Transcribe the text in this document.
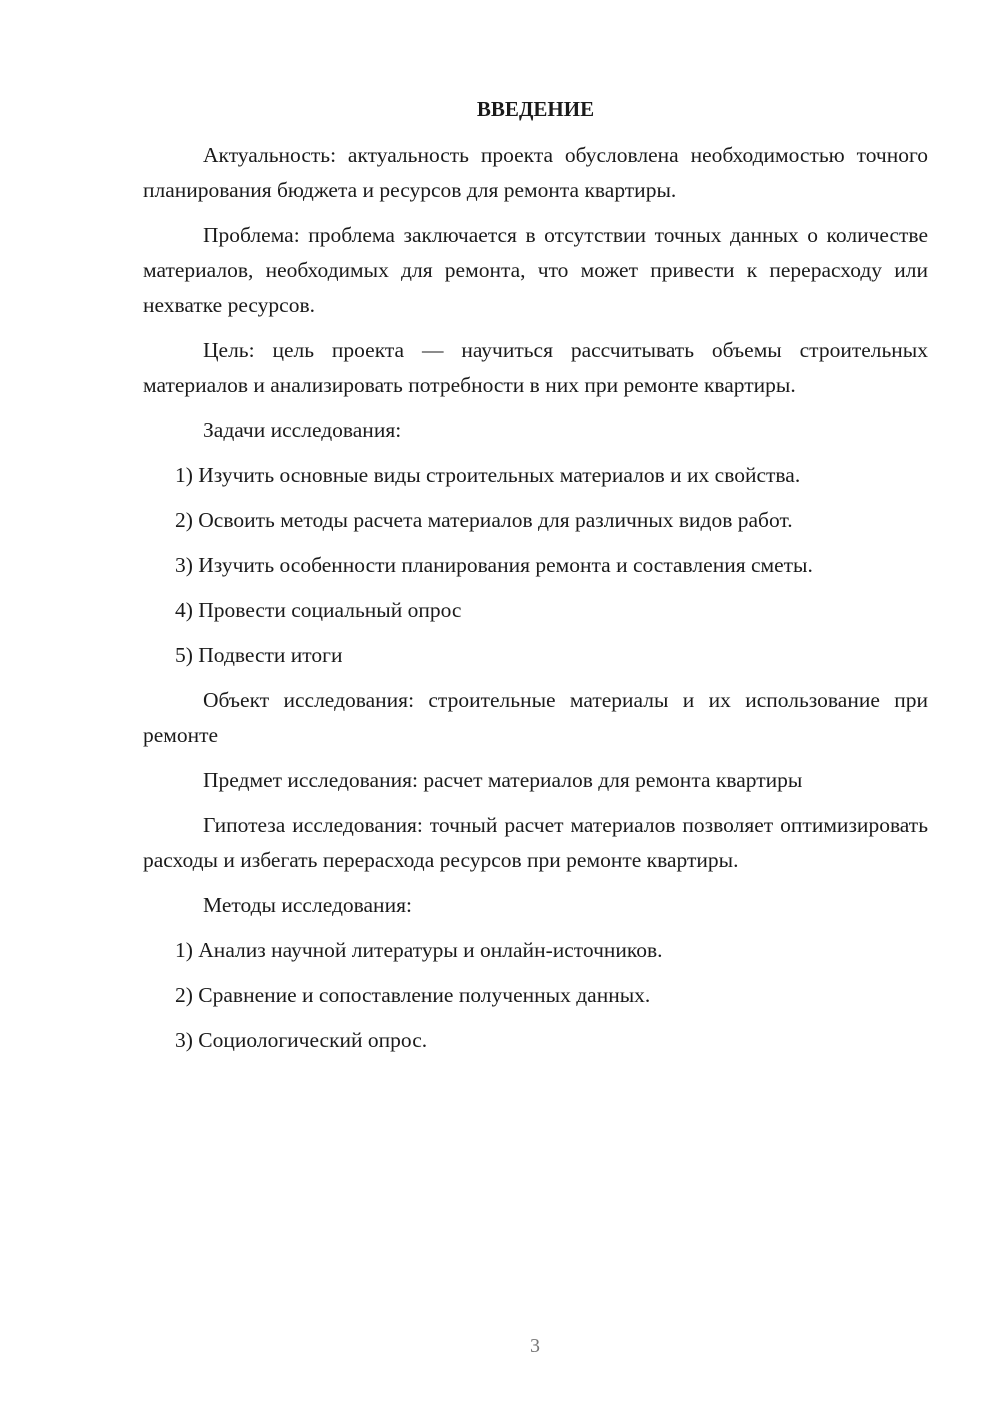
ВВЕДЕНИЕ

Актуальность: актуальность проекта обусловлена необходимостью точного планирования бюджета и ресурсов для ремонта квартиры.

Проблема: проблема заключается в отсутствии точных данных о количестве материалов, необходимых для ремонта, что может привести к перерасходу или нехватке ресурсов.

Цель: цель проекта — научиться рассчитывать объемы строительных материалов и анализировать потребности в них при ремонте квартиры.

Задачи исследования:

1) Изучить основные виды строительных материалов и их свойства.
2) Освоить методы расчета материалов для различных видов работ.
3) Изучить особенности планирования ремонта и составления сметы.
4) Провести социальный опрос
5) Подвести итоги

Объект исследования: строительные материалы и их использование при ремонте

Предмет исследования: расчет материалов для ремонта квартиры

Гипотеза исследования: точный расчет материалов позволяет оптимизировать расходы и избегать перерасхода ресурсов при ремонте квартиры.

Методы исследования:

1) Анализ научной литературы и онлайн-источников.
2) Сравнение и сопоставление полученных данных.
3) Социологический опрос.
3
